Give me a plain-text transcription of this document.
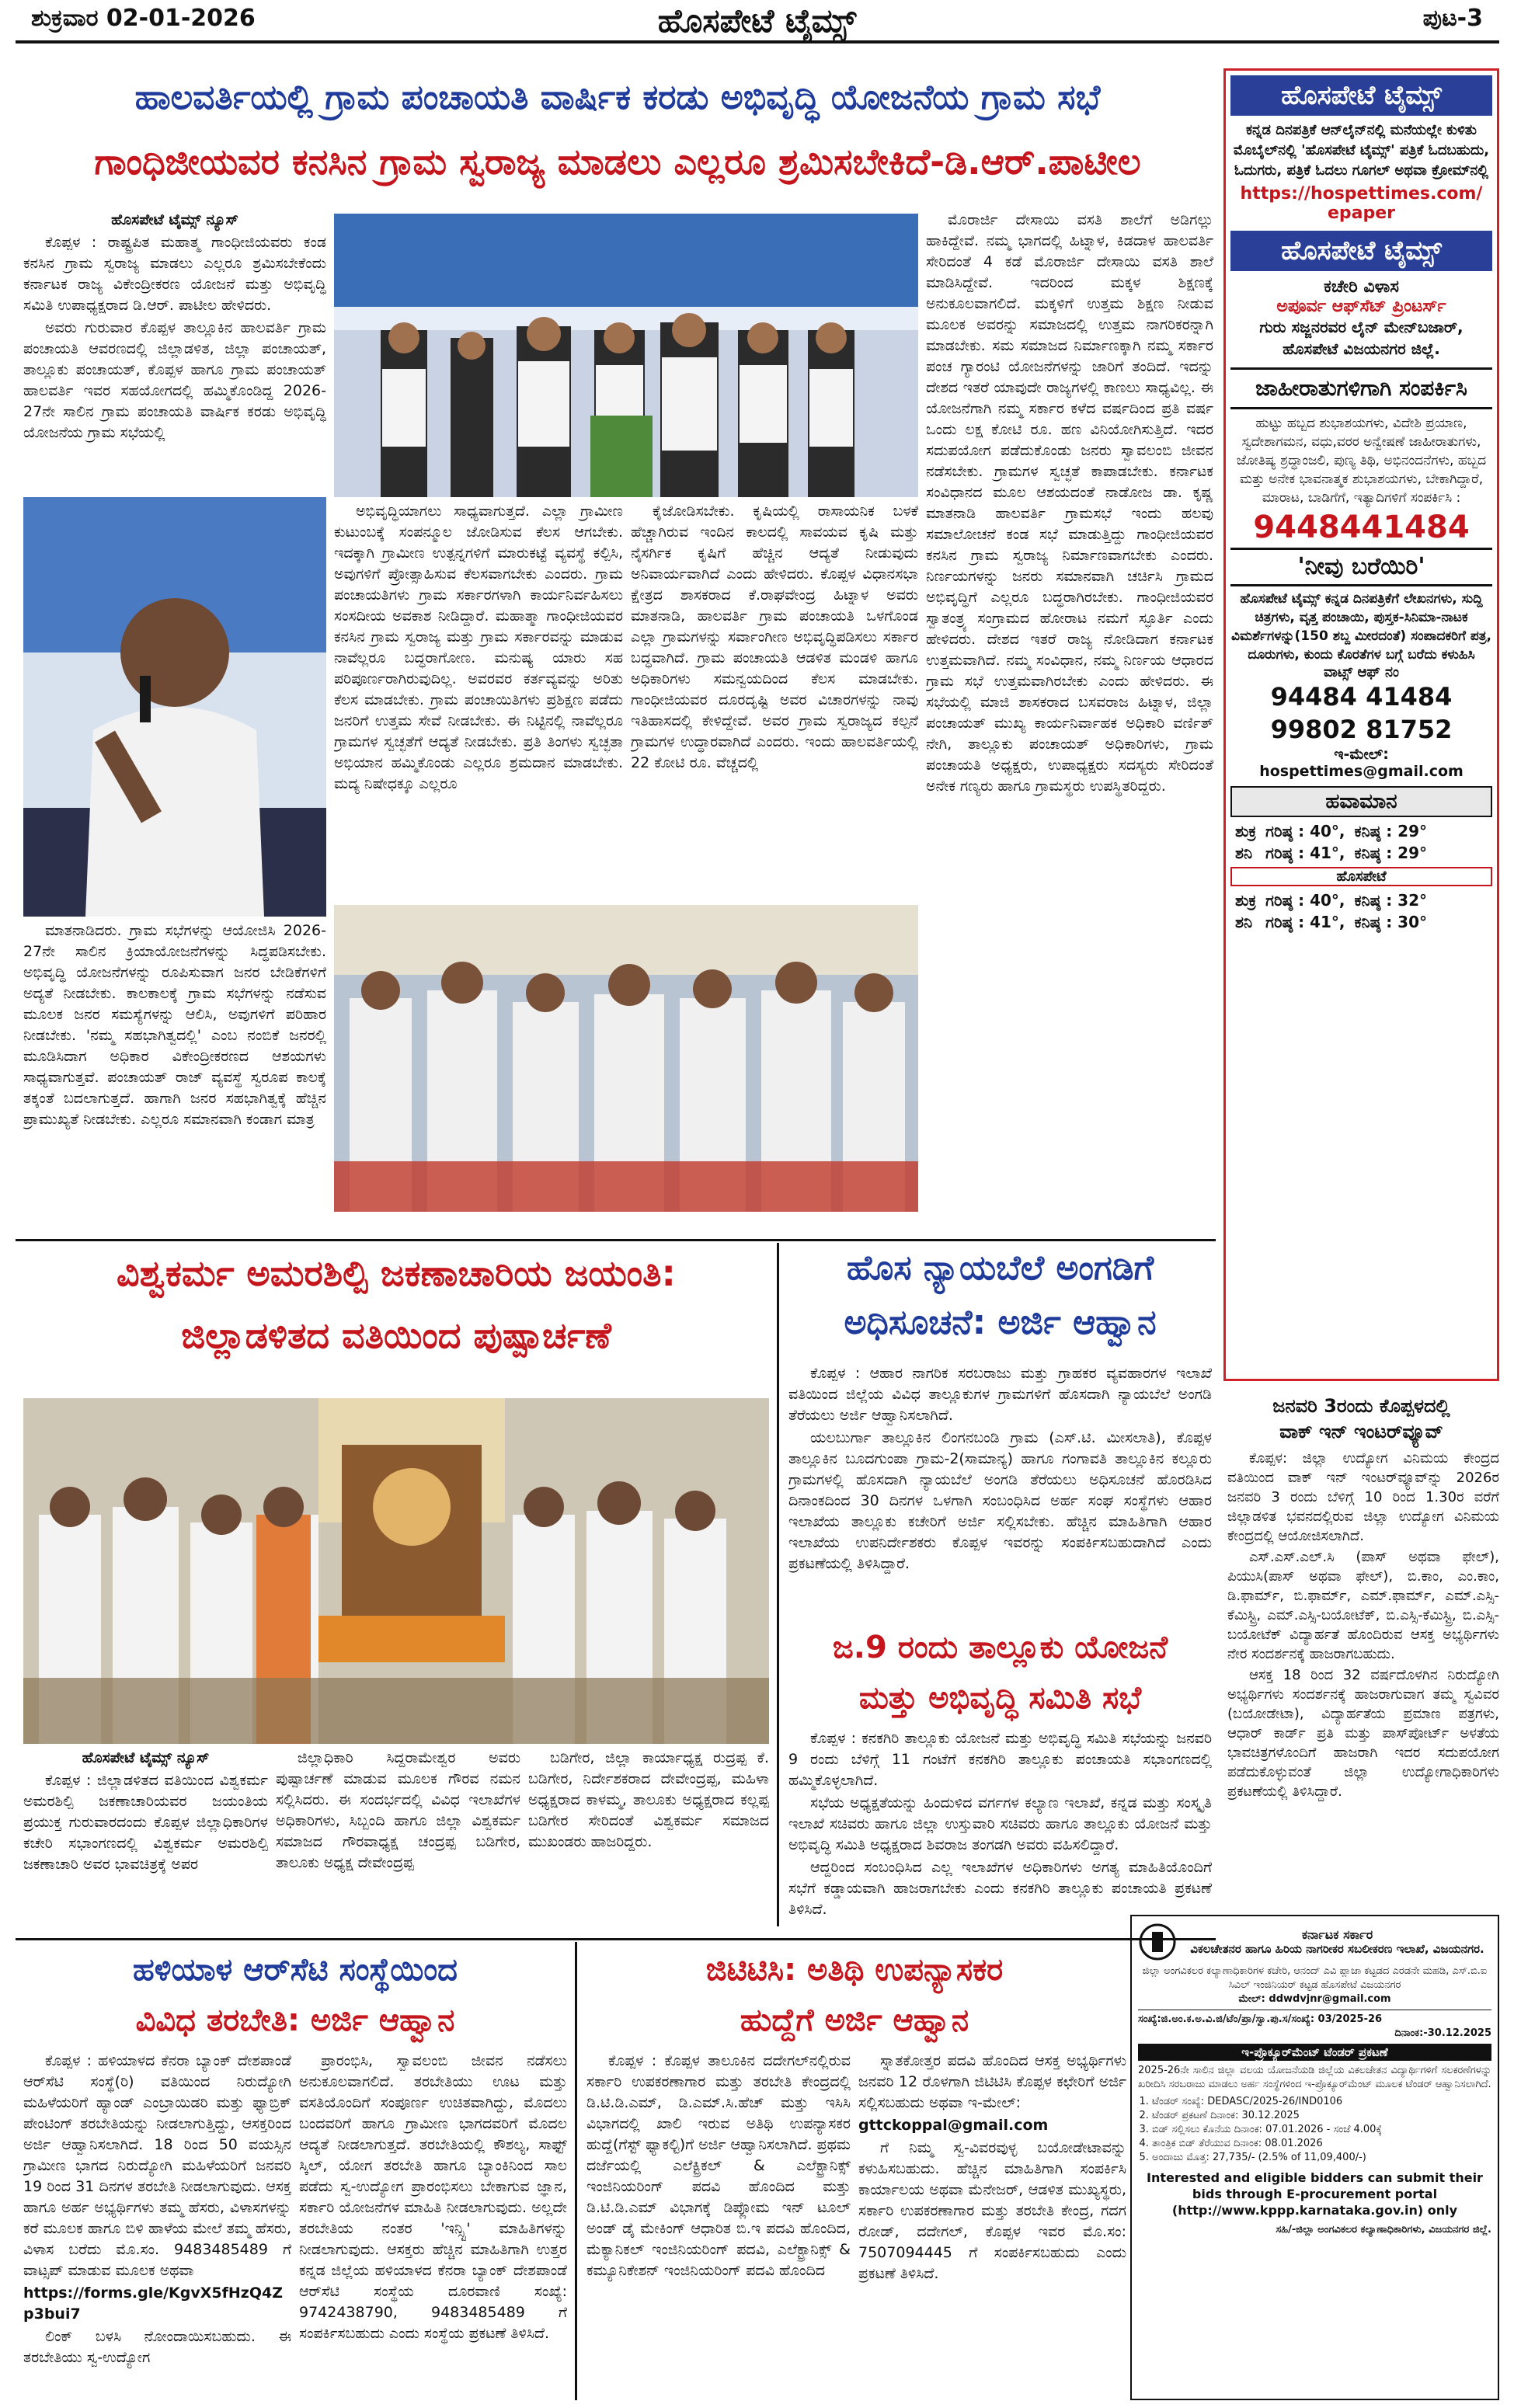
ಹೊಸಪೇಟೆ ಟೈಮ್ಸ್
ಶುಕ್ರವಾರ 02-01-2026	ಪುಟ-3
ಹಾಲವರ್ತಿಯಲ್ಲಿ ಗ್ರಾಮ ಪಂಚಾಯತಿ ವಾರ್ಷಿಕ ಕರಡು ಅಭಿವೃದ್ಧಿ ಯೋಜನೆಯ ಗ್ರಾಮ ಸಭೆ
ಗಾಂಧಿಜೀಯವರ ಕನಸಿನ ಗ್ರಾಮ ಸ್ವರಾಜ್ಯ ಮಾಡಲು ಎಲ್ಲರೂ ಶ್ರಮಿಸಬೇಕಿದೆ-ಡಿ.ಆರ್.ಪಾಟೀಲ

ಹೊಸಪೇಟೆ ಟೈಮ್ಸ್ ನ್ಯೂಸ್

ಕೊಪ್ಪಳ : ರಾಷ್ಟ್ರಪಿತ ಮಹಾತ್ಮ ಗಾಂಧೀಜಿಯವರು ಕಂಡ ಕನಸಿನ ಗ್ರಾಮ ಸ್ವರಾಜ್ಯ ಮಾಡಲು ಎಲ್ಲರೂ ಶ್ರಮಿಸಬೇಕೆಂದು ಕರ್ನಾಟಕ ರಾಜ್ಯ ವಿಕೇಂದ್ರೀಕರಣ ಯೋಜನೆ ಮತ್ತು ಅಭಿವೃದ್ಧಿ ಸಮಿತಿ ಉಪಾಧ್ಯಕ್ಷರಾದ ಡಿ.ಆರ್. ಪಾಟೀಲ ಹೇಳಿದರು.

ಅವರು ಗುರುವಾರ ಕೊಪ್ಪಳ ತಾಲ್ಲೂಕಿನ ಹಾಲವರ್ತಿ ಗ್ರಾಮ ಪಂಚಾಯತಿ ಆವರಣದಲ್ಲಿ ಜಿಲ್ಲಾಡಳಿತ, ಜಿಲ್ಲಾ ಪಂಚಾಯತ್, ತಾಲ್ಲೂಕು ಪಂಚಾಯತ್, ಕೊಪ್ಪಳ ಹಾಗೂ ಗ್ರಾಮ ಪಂಚಾಯತ್ ಹಾಲವರ್ತಿ ಇವರ ಸಹಯೋಗದಲ್ಲಿ ಹಮ್ಮಿಕೊಂಡಿದ್ದ 2026-27ನೇ ಸಾಲಿನ ಗ್ರಾಮ ಪಂಚಾಯತಿ ವಾರ್ಷಿಕ ಕರಡು ಅಭಿವೃದ್ಧಿ ಯೋಜನೆಯ ಗ್ರಾಮ ಸಭೆಯಲ್ಲಿ

ಮಾತನಾಡಿದರು. ಗ್ರಾಮ ಸಭೆಗಳನ್ನು ಆಯೋಜಿಸಿ 2026-27ನೇ ಸಾಲಿನ ಕ್ರಿಯಾಯೋಜನೆಗಳನ್ನು ಸಿದ್ಧಪಡಿಸಬೇಕು. ಅಭಿವೃದ್ಧಿ ಯೋಜನೆಗಳನ್ನು ರೂಪಿಸುವಾಗ ಜನರ ಬೇಡಿಕೆಗಳಿಗೆ ಅದ್ಯತೆ ನೀಡಬೇಕು. ಕಾಲಕಾಲಕ್ಕೆ ಗ್ರಾಮ ಸಭೆಗಳನ್ನು ನಡೆಸುವ ಮೂಲಕ ಜನರ ಸಮಸ್ಯೆಗಳನ್ನು ಆಲಿಸಿ, ಅವುಗಳಿಗೆ ಪರಿಹಾರ ನೀಡಬೇಕು. 'ನಮ್ಮ ಸಹಭಾಗಿತ್ವದಲ್ಲಿ' ಎಂಬ ನಂಬಿಕೆ ಜನರಲ್ಲಿ ಮೂಡಿಸಿದಾಗ ಅಧಿಕಾರ ವಿಕೇಂದ್ರೀಕರಣದ ಆಶಯಗಳು ಸಾಧ್ಯವಾಗುತ್ತವೆ. ಪಂಚಾಯತ್ ರಾಜ್ ವ್ಯವಸ್ಥೆ ಸ್ವರೂಪ ಕಾಲಕ್ಕೆ ತಕ್ಕಂತೆ ಬದಲಾಗುತ್ತದೆ. ಹಾಗಾಗಿ ಜನರ ಸಹಭಾಗಿತ್ವಕ್ಕೆ ಹೆಚ್ಚಿನ ಪ್ರಾಮುಖ್ಯತೆ ನೀಡಬೇಕು. ಎಲ್ಲರೂ ಸಮಾನವಾಗಿ ಕಂಡಾಗ ಮಾತ್ರ

ಅಭಿವೃದ್ಧಿಯಾಗಲು ಸಾಧ್ಯವಾಗುತ್ತದೆ. ಎಲ್ಲಾ ಗ್ರಾಮೀಣ ಕುಟುಂಬಕ್ಕೆ ಸಂಪನ್ಮೂಲ ಜೋಡಿಸುವ ಕೆಲಸ ಆಗಬೇಕು. ಇದಕ್ಕಾಗಿ ಗ್ರಾಮೀಣ ಉತ್ಪನ್ನಗಳಿಗೆ ಮಾರುಕಟ್ಟೆ ವ್ಯವಸ್ಥೆ ಕಲ್ಪಿಸಿ, ಅವುಗಳಿಗೆ ಪ್ರೋತ್ಸಾಹಿಸುವ ಕೆಲಸವಾಗಬೇಕು ಎಂದರು. ಗ್ರಾಮ ಪಂಚಾಯತಿಗಳು ಗ್ರಾಮ ಸರ್ಕಾರಗಳಾಗಿ ಕಾರ್ಯನಿರ್ವಹಿಸಲು ಸಂಸದೀಯ ಅವಕಾಶ ನೀಡಿದ್ದಾರೆ. ಮಹಾತ್ಮಾ ಗಾಂಧೀಜಿಯವರ ಕನಸಿನ ಗ್ರಾಮ ಸ್ವರಾಜ್ಯ ಮತ್ತು ಗ್ರಾಮ ಸರ್ಕಾರವನ್ನು ಮಾಡುವ ನಾವೆಲ್ಲರೂ ಬದ್ಧರಾಗೋಣ. ಮನುಷ್ಯ ಯಾರು ಸಹ ಪರಿಪೂರ್ಣರಾಗಿರುವುದಿಲ್ಲ. ಅವರವರ ಕರ್ತವ್ಯವನ್ನು ಅರಿತು ಕೆಲಸ ಮಾಡಬೇಕು. ಗ್ರಾಮ ಪಂಚಾಯಿತಿಗಳು ಪ್ರಶಿಕ್ಷಣ ಪಡೆದು ಜನರಿಗೆ ಉತ್ತಮ ಸೇವೆ ನೀಡಬೇಕು. ಈ ನಿಟ್ಟಿನಲ್ಲಿ ನಾವೆಲ್ಲರೂ ಗ್ರಾಮಗಳ ಸ್ವಚ್ಛತೆಗೆ ಆದ್ಯತೆ ನೀಡಬೇಕು. ಪ್ರತಿ ತಿಂಗಳು ಸ್ವಚ್ಛತಾ ಅಭಿಯಾನ ಹಮ್ಮಿಕೊಂಡು ಎಲ್ಲರೂ ಶ್ರಮದಾನ ಮಾಡಬೇಕು. ಮದ್ಯ ನಿಷೇಧಕ್ಕೂ ಎಲ್ಲರೂ

ಕೈಜೋಡಿಸಬೇಕು. ಕೃಷಿಯಲ್ಲಿ ರಾಸಾಯನಿಕ ಬಳಕೆ ಹೆಚ್ಚಾಗಿರುವ ಇಂದಿನ ಕಾಲದಲ್ಲಿ ಸಾವಯವ ಕೃಷಿ ಮತ್ತು ನೈಸರ್ಗಿಕ ಕೃಷಿಗೆ ಹೆಚ್ಚಿನ ಆದ್ಯತೆ ನೀಡುವುದು ಅನಿವಾರ್ಯವಾಗಿದೆ ಎಂದು ಹೇಳಿದರು. ಕೊಪ್ಪಳ ವಿಧಾನಸಭಾ ಕ್ಷೇತ್ರದ ಶಾಸಕರಾದ ಕೆ.ರಾಘವೇಂದ್ರ ಹಿಟ್ನಾಳ ಅವರು ಮಾತನಾಡಿ, ಹಾಲವರ್ತಿ ಗ್ರಾಮ ಪಂಚಾಯತಿ ಒಳಗೊಂಡ ಎಲ್ಲಾ ಗ್ರಾಮಗಳನ್ನು ಸರ್ವಾಂಗೀಣ ಅಭಿವೃದ್ಧಿಪಡಿಸಲು ಸರ್ಕಾರ ಬದ್ಧವಾಗಿದೆ. ಗ್ರಾಮ ಪಂಚಾಯತಿ ಆಡಳಿತ ಮಂಡಳಿ ಹಾಗೂ ಅಧಿಕಾರಿಗಳು ಸಮನ್ವಯದಿಂದ ಕೆಲಸ ಮಾಡಬೇಕು. ಗಾಂಧೀಜಿಯವರ ದೂರದೃಷ್ಟಿ ಅವರ ವಿಚಾರಗಳನ್ನು ನಾವು ಇತಿಹಾಸದಲ್ಲಿ ಕೇಳಿದ್ದೇವೆ. ಅವರ ಗ್ರಾಮ ಸ್ವರಾಜ್ಯದ ಕಲ್ಪನೆ ಗ್ರಾಮಗಳ ಉದ್ಧಾರವಾಗಿದೆ ಎಂದರು. ಇಂದು ಹಾಲವರ್ತಿಯಲ್ಲಿ 22 ಕೋಟಿ ರೂ. ವೆಚ್ಚದಲ್ಲಿ

ಮೊರಾರ್ಜಿ ದೇಸಾಯಿ ವಸತಿ ಶಾಲೆಗೆ ಅಡಿಗಲ್ಲು ಹಾಕಿದ್ದೇವೆ. ನಮ್ಮ ಭಾಗದಲ್ಲಿ ಹಿಟ್ನಾಳ, ಕಿಡದಾಳ ಹಾಲವರ್ತಿ ಸೇರಿದಂತೆ 4 ಕಡೆ ಮೊರಾರ್ಜಿ ದೇಸಾಯಿ ವಸತಿ ಶಾಲೆ ಮಾಡಿಸಿದ್ದೇವೆ. ಇದರಿಂದ ಮಕ್ಕಳ ಶಿಕ್ಷಣಕ್ಕೆ ಅನುಕೂಲವಾಗಲಿದೆ. ಮಕ್ಕಳಿಗೆ ಉತ್ತಮ ಶಿಕ್ಷಣ ನೀಡುವ ಮೂಲಕ ಅವರನ್ನು ಸಮಾಜದಲ್ಲಿ ಉತ್ತಮ ನಾಗರಿಕರನ್ನಾಗಿ ಮಾಡಬೇಕು. ಸಮ ಸಮಾಜದ ನಿರ್ಮಾಣಕ್ಕಾಗಿ ನಮ್ಮ ಸರ್ಕಾರ ಪಂಚ ಗ್ಯಾರಂಟಿ ಯೋಜನೆಗಳನ್ನು ಜಾರಿಗೆ ತಂದಿದೆ. ಇದನ್ನು ದೇಶದ ಇತರೆ ಯಾವುದೇ ರಾಜ್ಯಗಳಲ್ಲಿ ಕಾಣಲು ಸಾಧ್ಯವಿಲ್ಲ. ಈ ಯೋಜನೆಗಾಗಿ ನಮ್ಮ ಸರ್ಕಾರ ಕಳೆದ ವರ್ಷದಿಂದ ಪ್ರತಿ ವರ್ಷ ಒಂದು ಲಕ್ಷ ಕೋಟಿ ರೂ. ಹಣ ವಿನಿಯೋಗಿಸುತ್ತಿದೆ. ಇದರ ಸದುಪಯೋಗ ಪಡೆದುಕೊಂಡು ಜನರು ಸ್ವಾವಲಂಬಿ ಜೀವನ ನಡೆಸಬೇಕು. ಗ್ರಾಮಗಳ ಸ್ವಚ್ಛತೆ ಕಾಪಾಡಬೇಕು. ಕರ್ನಾಟಕ ಸಂವಿಧಾನದ ಮೂಲ ಆಶಯದಂತೆ ನಾಡೋಜ ಡಾ. ಕೃಷ್ಣ ಮಾತನಾಡಿ ಹಾಲವರ್ತಿ ಗ್ರಾಮಸಭೆ ಇಂದು ಹಲವು ಸಮಾಲೋಚನೆ ಕಂಡ ಸಭೆ ಮಾಡುತ್ತಿದ್ದು ಗಾಂಧೀಜಿಯವರ ಕನಸಿನ ಗ್ರಾಮ ಸ್ವರಾಜ್ಯ ನಿರ್ಮಾಣವಾಗಬೇಕು ಎಂದರು. ನಿರ್ಣಯಗಳನ್ನು ಜನರು ಸಮಾನವಾಗಿ ಚರ್ಚಿಸಿ ಗ್ರಾಮದ ಅಭಿವೃದ್ಧಿಗೆ ಎಲ್ಲರೂ ಬದ್ಧರಾಗಿರಬೇಕು. ಗಾಂಧೀಜಿಯವರ ಸ್ವಾತಂತ್ರ್ಯ ಸಂಗ್ರಾಮದ ಹೋರಾಟ ನಮಗೆ ಸ್ಫೂರ್ತಿ ಎಂದು ಹೇಳಿದರು. ದೇಶದ ಇತರೆ ರಾಜ್ಯ ನೋಡಿದಾಗ ಕರ್ನಾಟಕ ಉತ್ತಮವಾಗಿದೆ. ನಮ್ಮ ಸಂವಿಧಾನ, ನಮ್ಮ ನಿರ್ಣಯ ಆಧಾರದ ಗ್ರಾಮ ಸಭೆ ಉತ್ತಮವಾಗಿರಬೇಕು ಎಂದು ಹೇಳಿದರು. ಈ ಸಭೆಯಲ್ಲಿ ಮಾಜಿ ಶಾಸಕರಾದ ಬಸವರಾಜ ಹಿಟ್ನಾಳ, ಜಿಲ್ಲಾ ಪಂಚಾಯತ್ ಮುಖ್ಯ ಕಾರ್ಯನಿರ್ವಾಹಕ ಅಧಿಕಾರಿ ವರ್ಣಿತ್ ನೇಗಿ, ತಾಲ್ಲೂಕು ಪಂಚಾಯತ್ ಅಧಿಕಾರಿಗಳು, ಗ್ರಾಮ ಪಂಚಾಯತಿ ಅಧ್ಯಕ್ಷರು, ಉಪಾಧ್ಯಕ್ಷರು ಸದಸ್ಯರು ಸೇರಿದಂತೆ ಅನೇಕ ಗಣ್ಯರು ಹಾಗೂ ಗ್ರಾಮಸ್ಥರು ಉಪಸ್ಥಿತರಿದ್ದರು.

ವಿಶ್ವಕರ್ಮ ಅಮರಶಿಲ್ಪಿ ಜಕಣಾಚಾರಿಯ ಜಯಂತಿ:
ಜಿಲ್ಲಾಡಳಿತದ ವತಿಯಿಂದ ಪುಷ್ಪಾರ್ಚಣೆ

ಹೊಸಪೇಟೆ ಟೈಮ್ಸ್ ನ್ಯೂಸ್

ಕೊಪ್ಪಳ : ಜಿಲ್ಲಾಡಳಿತದ ವತಿಯಿಂದ ವಿಶ್ವಕರ್ಮ ಅಮರಶಿಲ್ಪಿ ಜಕಣಾಚಾರಿಯವರ ಜಯಂತಿಯ ಪ್ರಯುಕ್ತ ಗುರುವಾರದಂದು ಕೊಪ್ಪಳ ಜಿಲ್ಲಾಧಿಕಾರಿಗಳ ಕಚೇರಿ ಸಭಾಂಗಣದಲ್ಲಿ ವಿಶ್ವಕರ್ಮ ಅಮರಶಿಲ್ಪಿ ಜಕಣಾಚಾರಿ ಅವರ ಭಾವಚಿತ್ರಕ್ಕೆ ಅಪರ

ಜಿಲ್ಲಾಧಿಕಾರಿ ಸಿದ್ದರಾಮೇಶ್ವರ ಅವರು ಪುಷ್ಪಾರ್ಚಣೆ ಮಾಡುವ ಮೂಲಕ ಗೌರವ ನಮನ ಸಲ್ಲಿಸಿದರು. ಈ ಸಂದರ್ಭದಲ್ಲಿ ವಿವಿಧ ಇಲಾಖೆಗಳ ಅಧಿಕಾರಿಗಳು, ಸಿಬ್ಬಂದಿ ಹಾಗೂ ಜಿಲ್ಲಾ ವಿಶ್ವಕರ್ಮ ಸಮಾಜದ ಗೌರವಾಧ್ಯಕ್ಷ ಚಂದ್ರಪ್ಪ ಬಡಿಗೇರ, ತಾಲೂಕು ಅಧ್ಯಕ್ಷ ದೇವೇಂದ್ರಪ್ಪ

ಬಡಿಗೇರ, ಜಿಲ್ಲಾ ಕಾರ್ಯಾಧ್ಯಕ್ಷ ರುದ್ರಪ್ಪ ಕೆ. ಬಡಿಗೇರ, ನಿರ್ದೇಶಕರಾದ ದೇವೇಂದ್ರಪ್ಪ, ಮಹಿಳಾ ಅಧ್ಯಕ್ಷರಾದ ಕಾಳಮ್ಮ, ತಾಲೂಕು ಅಧ್ಯಕ್ಷರಾದ ಕಲ್ಲಪ್ಪ ಬಡಿಗೇರ ಸೇರಿದಂತೆ ವಿಶ್ವಕರ್ಮ ಸಮಾಜದ ಮುಖಂಡರು ಹಾಜರಿದ್ದರು.

ಹೊಸ ನ್ಯಾಯಬೆಲೆ ಅಂಗಡಿಗೆ
ಅಧಿಸೂಚನೆ: ಅರ್ಜಿ ಆಹ್ವಾನ

ಕೊಪ್ಪಳ : ಆಹಾರ ನಾಗರಿಕ ಸರಬರಾಜು ಮತ್ತು ಗ್ರಾಹಕರ ವ್ಯವಹಾರಗಳ ಇಲಾಖೆ ವತಿಯಿಂದ ಜಿಲ್ಲೆಯ ವಿವಿಧ ತಾಲ್ಲೂಕುಗಳ ಗ್ರಾಮಗಳಿಗೆ ಹೊಸದಾಗಿ ನ್ಯಾಯಬೆಲೆ ಅಂಗಡಿ ತೆರೆಯಲು ಅರ್ಜಿ ಆಹ್ವಾನಿಸಲಾಗಿದೆ.

ಯಲಬುರ್ಗಾ ತಾಲ್ಲೂಕಿನ ಲಿಂಗನಬಂಡಿ ಗ್ರಾಮ (ಎಸ್.ಟಿ. ಮೀಸಲಾತಿ), ಕೊಪ್ಪಳ ತಾಲ್ಲೂಕಿನ ಬೂದಗುಂಪಾ ಗ್ರಾಮ-2(ಸಾಮಾನ್ಯ) ಹಾಗೂ ಗಂಗಾವತಿ ತಾಲ್ಲೂಕಿನ ಕಲ್ಲೂರು ಗ್ರಾಮಗಳಲ್ಲಿ ಹೊಸದಾಗಿ ನ್ಯಾಯಬೆಲೆ ಅಂಗಡಿ ತೆರೆಯಲು ಅಧಿಸೂಚನೆ ಹೊರಡಿಸಿದ ದಿನಾಂಕದಿಂದ 30 ದಿನಗಳ ಒಳಗಾಗಿ ಸಂಬಂಧಿಸಿದ ಅರ್ಹ ಸಂಘ ಸಂಸ್ಥೆಗಳು ಆಹಾರ ಇಲಾಖೆಯ ತಾಲ್ಲೂಕು ಕಚೇರಿಗೆ ಅರ್ಜಿ ಸಲ್ಲಿಸಬೇಕು. ಹೆಚ್ಚಿನ ಮಾಹಿತಿಗಾಗಿ ಆಹಾರ ಇಲಾಖೆಯ ಉಪನಿರ್ದೇಶಕರು ಕೊಪ್ಪಳ ಇವರನ್ನು ಸಂಪರ್ಕಿಸಬಹುದಾಗಿದೆ ಎಂದು ಪ್ರಕಟಣೆಯಲ್ಲಿ ತಿಳಿಸಿದ್ದಾರೆ.

ಜ.9 ರಂದು ತಾಲ್ಲೂಕು ಯೋಜನೆ
ಮತ್ತು ಅಭಿವೃದ್ಧಿ ಸಮಿತಿ ಸಭೆ

ಕೊಪ್ಪಳ : ಕನಕಗಿರಿ ತಾಲ್ಲೂಕು ಯೋಜನೆ ಮತ್ತು ಅಭಿವೃದ್ಧಿ ಸಮಿತಿ ಸಭೆಯನ್ನು ಜನವರಿ 9 ರಂದು ಬೆಳಿಗ್ಗೆ 11 ಗಂಟೆಗೆ ಕನಕಗಿರಿ ತಾಲ್ಲೂಕು ಪಂಚಾಯತಿ ಸಭಾಂಗಣದಲ್ಲಿ ಹಮ್ಮಿಕೊಳ್ಳಲಾಗಿದೆ.

ಸಭೆಯ ಅಧ್ಯಕ್ಷತೆಯನ್ನು ಹಿಂದುಳಿದ ವರ್ಗಗಳ ಕಲ್ಯಾಣ ಇಲಾಖೆ, ಕನ್ನಡ ಮತ್ತು ಸಂಸ್ಕೃತಿ ಇಲಾಖೆ ಸಚಿವರು ಹಾಗೂ ಜಿಲ್ಲಾ ಉಸ್ತುವಾರಿ ಸಚಿವರು ಹಾಗೂ ತಾಲ್ಲೂಕು ಯೋಜನೆ ಮತ್ತು ಅಭಿವೃದ್ಧಿ ಸಮಿತಿ ಅಧ್ಯಕ್ಷರಾದ ಶಿವರಾಜ ತಂಗಡಗಿ ಅವರು ವಹಿಸಲಿದ್ದಾರೆ.

ಆದ್ದರಿಂದ ಸಂಬಂಧಿಸಿದ ಎಲ್ಲ ಇಲಾಖೆಗಳ ಅಧಿಕಾರಿಗಳು ಅಗತ್ಯ ಮಾಹಿತಿಯೊಂದಿಗೆ ಸಭೆಗೆ ಕಡ್ಡಾಯವಾಗಿ ಹಾಜರಾಗಬೇಕು ಎಂದು ಕನಕಗಿರಿ ತಾಲ್ಲೂಕು ಪಂಚಾಯತಿ ಪ್ರಕಟಣೆ ತಿಳಿಸಿದೆ.

ಹಳಿಯಾಳ ಆರ್‌ಸೆಟಿ ಸಂಸ್ಥೆಯಿಂದ
ವಿವಿಧ ತರಬೇತಿ: ಅರ್ಜಿ ಆಹ್ವಾನ

ಕೊಪ್ಪಳ : ಹಳಿಯಾಳದ ಕೆನರಾ ಬ್ಯಾಂಕ್ ದೇಶಪಾಂಡೆ ಆರ್‌ಸೆಟಿ ಸಂಸ್ಥೆ(ರಿ) ವತಿಯಿಂದ ನಿರುದ್ಯೋಗಿ ಮಹಿಳೆಯರಿಗೆ ಹ್ಯಾಂಡ್ ಎಂಬ್ರಾಯಿಡರಿ ಮತ್ತು ಫ್ಯಾಬ್ರಿಕ್ ಪೇಂಟಿಂಗ್ ತರಬೇತಿಯನ್ನು ನೀಡಲಾಗುತ್ತಿದ್ದು, ಆಸಕ್ತರಿಂದ ಅರ್ಜಿ ಆಹ್ವಾನಿಸಲಾಗಿದೆ. 18 ರಿಂದ 50 ವಯಸ್ಸಿನ ಗ್ರಾಮೀಣ ಭಾಗದ ನಿರುದ್ಯೋಗಿ ಮಹಿಳೆಯರಿಗೆ ಜನವರಿ 19 ರಿಂದ 31 ದಿನಗಳ ತರಬೇತಿ ನೀಡಲಾಗುವುದು. ಆಸಕ್ತ ಹಾಗೂ ಅರ್ಹ ಅಭ್ಯರ್ಥಿಗಳು ತಮ್ಮ ಹೆಸರು, ವಿಳಾಸಗಳನ್ನು ಕರೆ ಮೂಲಕ ಹಾಗೂ ಬಿಳಿ ಹಾಳೆಯ ಮೇಲೆ ತಮ್ಮ ಹೆಸರು, ವಿಳಾಸ ಬರೆದು ಮೊ.ಸಂ. 9483485489 ಗೆ ವಾಟ್ಸಪ್ ಮಾಡುವ ಮೂಲಕ ಅಥವಾ

https://forms.gle/KgvX5fHzQ4Zp3bui7

ಲಿಂಕ್ ಬಳಸಿ ನೋಂದಾಯಿಸಬಹುದು. ಈ ತರಬೇತಿಯು ಸ್ವ-ಉದ್ಯೋಗ

ಪ್ರಾರಂಭಿಸಿ, ಸ್ವಾವಲಂಬಿ ಜೀವನ ನಡೆಸಲು ಅನುಕೂಲವಾಗಲಿದೆ. ತರಬೇತಿಯು ಊಟ ಮತ್ತು ವಸತಿಯೊಂದಿಗೆ ಸಂಪೂರ್ಣ ಉಚಿತವಾಗಿದ್ದು, ಮೊದಲು ಬಂದವರಿಗೆ ಹಾಗೂ ಗ್ರಾಮೀಣ ಭಾಗದವರಿಗೆ ಮೊದಲ ಆದ್ಯತೆ ನೀಡಲಾಗುತ್ತದೆ. ತರಬೇತಿಯಲ್ಲಿ ಕೌಶಲ್ಯ, ಸಾಫ್ಟ್ ಸ್ಕಿಲ್, ಯೋಗ ತರಬೇತಿ ಹಾಗೂ ಬ್ಯಾಂಕಿನಿಂದ ಸಾಲ ಪಡೆದು ಸ್ವ-ಉದ್ಯೋಗ ಪ್ರಾರಂಭಿಸಲು ಬೇಕಾಗುವ ಜ್ಞಾನ, ಸರ್ಕಾರಿ ಯೋಜನೆಗಳ ಮಾಹಿತಿ ನೀಡಲಾಗುವುದು. ಅಲ್ಲದೇ ತರಬೇತಿಯ ನಂತರ 'ಇನ್ಸ್ಟಿ' ಮಾಹಿತಿಗಳನ್ನು ನೀಡಲಾಗುವುದು. ಆಸಕ್ತರು ಹೆಚ್ಚಿನ ಮಾಹಿತಿಗಾಗಿ ಉತ್ತರ ಕನ್ನಡ ಜಿಲ್ಲೆಯ ಹಳಿಯಾಳದ ಕೆನರಾ ಬ್ಯಾಂಕ್ ದೇಶಪಾಂಡೆ ಆರ್‌ಸೆಟಿ ಸಂಸ್ಥೆಯ ದೂರವಾಣಿ ಸಂಖ್ಯೆ: 9742438790, 9483485489 ಗೆ ಸಂಪರ್ಕಿಸಬಹುದು ಎಂದು ಸಂಸ್ಥೆಯ ಪ್ರಕಟಣೆ ತಿಳಿಸಿದೆ.

ಜಿಟಿಟಿಸಿ: ಅತಿಥಿ ಉಪನ್ಯಾಸಕರ
ಹುದ್ದೆಗೆ ಅರ್ಜಿ ಆಹ್ವಾನ

ಕೊಪ್ಪಳ : ಕೊಪ್ಪಳ ತಾಲೂಕಿನ ದದೇಗಲ್‌ನಲ್ಲಿರುವ ಸರ್ಕಾರಿ ಉಪಕರಣಾಗಾರ ಮತ್ತು ತರಬೇತಿ ಕೇಂದ್ರದಲ್ಲಿ ಡಿ.ಟಿ.ಡಿ.ಎಮ್, ಡಿ.ಎಮ್.ಸಿ.ಹೆಚ್ ಮತ್ತು ಇಸಿಸಿ ವಿಭಾಗದಲ್ಲಿ ಖಾಲಿ ಇರುವ ಅತಿಥಿ ಉಪನ್ಯಾಸಕರ ಹುದ್ದೆ(ಗೆಸ್ಟ್ ಫ್ಯಾಕಲ್ಟಿ)ಗೆ ಅರ್ಜಿ ಆಹ್ವಾನಿಸಲಾಗಿದೆ. ಪ್ರಥಮ ದರ್ಜೆಯಲ್ಲಿ ಎಲೆಕ್ಟ್ರಿಕಲ್ & ಎಲೆಕ್ಟ್ರಾನಿಕ್ಸ್ ಇಂಜಿನಿಯರಿಂಗ್ ಪದವಿ ಹೊಂದಿದ ಮತ್ತು ಡಿ.ಟಿ.ಡಿ.ಎಮ್ ವಿಭಾಗಕ್ಕೆ ಡಿಪ್ಲೋಮ ಇನ್ ಟೂಲ್ ಅಂಡ್ ಡೈ ಮೇಕಿಂಗ್ ಆಧಾರಿತ ಬಿ.ಇ ಪದವಿ ಹೊಂದಿದ, ಮೆಕ್ಯಾನಿಕಲ್ ಇಂಜಿನಿಯರಿಂಗ್ ಪದವಿ, ಎಲೆಕ್ಟ್ರಾನಿಕ್ಸ್ & ಕಮ್ಯೂನಿಕೇಶನ್ ಇಂಜಿನಿಯರಿಂಗ್ ಪದವಿ ಹೊಂದಿದ

ಸ್ನಾತಕೋತ್ತರ ಪದವಿ ಹೊಂದಿದ ಆಸಕ್ತ ಅಭ್ಯರ್ಥಿಗಳು ಜನವರಿ 12 ರೊಳಗಾಗಿ ಜಿಟಿಟಿಸಿ ಕೊಪ್ಪಳ ಕಛೇರಿಗೆ ಅರ್ಜಿ ಸಲ್ಲಿಸಬಹುದು ಅಥವಾ ಇ-ಮೇಲ್:

gttckoppal@gmail.com

ಗೆ ನಿಮ್ಮ ಸ್ವ-ವಿವರವುಳ್ಳ ಬಯೋಡೇಟಾವನ್ನು ಕಳುಹಿಸಬಹುದು. ಹೆಚ್ಚಿನ ಮಾಹಿತಿಗಾಗಿ ಸಂಪರ್ಕಿಸಿ ಕಾರ್ಯಾಲಯ ಅಥವಾ ಮೆನೇಜರ್, ಆಡಳಿತ ಮುಖ್ಯಸ್ಥರು, ಸರ್ಕಾರಿ ಉಪಕರಣಾಗಾರ ಮತ್ತು ತರಬೇತಿ ಕೇಂದ್ರ, ಗದಗ ರೋಡ್, ದದೇಗಲ್, ಕೊಪ್ಪಳ ಇವರ ಮೊ.ಸಂ: 7507094445 ಗೆ ಸಂಪರ್ಕಿಸಬಹುದು ಎಂದು ಪ್ರಕಟಣೆ ತಿಳಿಸಿದೆ.

ಕರ್ನಾಟಕ ಸರ್ಕಾರ
ವಿಕಲಚೇತನರ ಹಾಗೂ ಹಿರಿಯ ನಾಗರೀಕರ ಸಬಲೀಕರಣ ಇಲಾಖೆ, ವಿಜಯನಗರ.
ಜಿಲ್ಲಾ ಅಂಗವಿಕಲರ ಕಲ್ಯಾಣಾಧಿಕಾರಿಗಳ ಕಚೇರಿ, ಆನಂದ್ ಎವಿ ಪ್ಲಾಜಾ ಕಟ್ಟಡದ ಎರಡನೇ ಮಹಡಿ, ಎಸ್.ಬಿ.ಐ ಸಿವಿಲ್ ಇಂಜಿನಿಯರ್ ಕಟ್ಟಡ ಹೊಸಪೇಟೆ ವಿಜಯನಗರ
ಮೇಲ್: ddwdvjnr@gmail.com
ಸಂಖ್ಯೆ:ಜಿ.ಅಂ.ಕ.ಅ.ವಿ.ಜಿ/ಟೆಂ/ಪ್ರಾ/ಸ್ವಾ.ಪು.ಸ/ಸಂಖ್ಯೆ: 03/2025-26
ದಿನಾಂಕ:-30.12.2025
ಇ-ಪ್ರೊಕ್ಯೂರ್‌ಮೆಂಟ್ ಟೆಂಡರ್ ಪ್ರಕಟಣೆ
2025-26ನೇ ಸಾಲಿನ ಜಿಲ್ಲಾ ವಲಯ ಯೋಜನೆಯಡಿ ಜಿಲ್ಲೆಯ ವಿಕಲಚೇತನ ವಿದ್ಯಾರ್ಥಿಗಳಿಗೆ ಸಲಕರಣೆಗಳನ್ನು ಖರೀದಿಸಿ ಸರಬರಾಜು ಮಾಡಲು ಅರ್ಹ ಸಂಸ್ಥೆಗಳಿಂದ ಇ-ಪ್ರೊಕ್ಯೂರ್‌ಮೆಂಟ್ ಮೂಲಕ ಟೆಂಡರ್ ಆಹ್ವಾನಿಸಲಾಗಿದೆ.
1. ಟೆಂಡರ್ ಸಂಖ್ಯೆ: DEDASC/2025-26/IND0106
2. ಟೆಂಡರ್ ಪ್ರಕಟಣೆ ದಿನಾಂಕ: 30.12.2025
3. ಬಿಡ್ ಸಲ್ಲಿಸಲು ಕೊನೆಯ ದಿನಾಂಕ: 07.01.2026 - ಸಂಜೆ 4.00ಕ್ಕೆ
4. ತಾಂತ್ರಿಕ ಬಿಡ್ ತೆರೆಯುವ ದಿನಾಂಕ: 08.01.2026
5. ಅಂದಾಜು ಮೊತ್ತ: 27,735/- (2.5% of 11,09,400/-)
Interested and eligible bidders can submit their bids through E-procurement portal (http://www.kppp.karnataka.gov.in) only
ಸಹಿ/-ಜಿಲ್ಲಾ ಅಂಗವಿಕಲರ ಕಲ್ಯಾಣಾಧಿಕಾರಿಗಳು, ವಿಜಯನಗರ ಜಿಲ್ಲೆ.
ಜನವರಿ 3ರಂದು ಕೊಪ್ಪಳದಲ್ಲಿ
ವಾಕ್ ಇನ್ ಇಂಟರ್‌ವ್ಯೂವ್

ಕೊಪ್ಪಳ: ಜಿಲ್ಲಾ ಉದ್ಯೋಗ ವಿನಿಮಯ ಕೇಂದ್ರದ ವತಿಯಿಂದ ವಾಕ್ ಇನ್ ಇಂಟರ್‌ವ್ಯೂವ್‌ನ್ನು 2026ರ ಜನವರಿ 3 ರಂದು ಬೆಳಿಗ್ಗೆ 10 ರಿಂದ 1.30ರ ವರೆಗೆ ಜಿಲ್ಲಾಡಳಿತ ಭವನದಲ್ಲಿರುವ ಜಿಲ್ಲಾ ಉದ್ಯೋಗ ವಿನಿಮಯ ಕೇಂದ್ರದಲ್ಲಿ ಆಯೋಜಿಸಲಾಗಿದೆ.

ಎಸ್.ಎಸ್.ಎಲ್.ಸಿ (ಪಾಸ್ ಅಥವಾ ಫೇಲ್), ಪಿಯುಸಿ(ಪಾಸ್ ಅಥವಾ ಫೇಲ್), ಬಿ.ಕಾಂ, ಎಂ.ಕಾಂ, ಡಿ.ಫಾರ್ಮ್, ಬಿ.ಫಾರ್ಮ್, ಎಮ್.ಫಾರ್ಮ್, ಎಮ್.ಎಸ್ಸಿ-ಕೆಮಿಸ್ಟ್ರಿ, ಎಮ್.ಎಸ್ಸಿ-ಬಯೋಟೆಕ್, ಬಿ.ಎಸ್ಸಿ-ಕೆಮಿಸ್ಟ್ರಿ, ಬಿ.ಎಸ್ಸಿ-ಬಯೋಟೆಕ್ ವಿದ್ಯಾರ್ಹತೆ ಹೊಂದಿರುವ ಆಸಕ್ತ ಅಭ್ಯರ್ಥಿಗಳು ನೇರ ಸಂದರ್ಶನಕ್ಕೆ ಹಾಜರಾಗಬಹುದು.

ಆಸಕ್ತ 18 ರಿಂದ 32 ವರ್ಷದೊಳಗಿನ ನಿರುದ್ಯೋಗಿ ಅಭ್ಯರ್ಥಿಗಳು ಸಂದರ್ಶನಕ್ಕೆ ಹಾಜರಾಗುವಾಗ ತಮ್ಮ ಸ್ವವಿವರ (ಬಯೋಡೇಟಾ), ವಿದ್ಯಾರ್ಹತೆಯ ಪ್ರಮಾಣ ಪತ್ರಗಳು, ಆಧಾರ್ ಕಾರ್ಡ್ ಪ್ರತಿ ಮತ್ತು ಪಾಸ್‌ಪೋರ್ಟ್ ಅಳತೆಯ ಭಾವಚಿತ್ರಗಳೊಂದಿಗೆ ಹಾಜರಾಗಿ ಇದರ ಸದುಪಯೋಗ ಪಡೆದುಕೊಳ್ಳುವಂತೆ ಜಿಲ್ಲಾ ಉದ್ಯೋಗಾಧಿಕಾರಿಗಳು ಪ್ರಕಟಣೆಯಲ್ಲಿ ತಿಳಿಸಿದ್ದಾರೆ.

ಹೊಸಪೇಟೆ ಟೈಮ್ಸ್
ಕನ್ನಡ ದಿನಪತ್ರಿಕೆ ಆನ್‌ಲೈನ್‌ನಲ್ಲಿ ಮನೆಯಲ್ಲೇ ಕುಳಿತು ಮೊಬೈಲ್‌ನಲ್ಲಿ 'ಹೊಸಪೇಟೆ ಟೈಮ್ಸ್' ಪತ್ರಿಕೆ ಓದಬಹುದು, ಓದುಗರು, ಪತ್ರಿಕೆ ಓದಲು ಗೂಗಲ್ ಅಥವಾ ಕ್ರೋಮ್‌ನಲ್ಲಿ
https://hospettimes.com/
epaper
ಹೊಸಪೇಟೆ ಟೈಮ್ಸ್
ಕಚೇರಿ ವಿಳಾಸ
ಅಪೂರ್ವ ಆಫ್‌ಸೆಟ್ ಪ್ರಿಂಟರ್ಸ್
ಗುರು ಸಜ್ಜನರವರ ಲೈನ್ ಮೇನ್‌ಬಜಾರ್, ಹೊಸಪೇಟೆ ವಿಜಯನಗರ ಜಿಲ್ಲೆ.
ಜಾಹೀರಾತುಗಳಿಗಾಗಿ ಸಂಪರ್ಕಿಸಿ
ಹುಟ್ಟು ಹಬ್ಬದ ಶುಭಾಶಯಗಳು, ವಿದೇಶಿ ಪ್ರಯಾಣ, ಸ್ವದೇಶಾಗಮನ, ವಧು,ವರರ ಅನ್ವೇಷಣೆ ಜಾಹೀರಾತುಗಳು, ಜೋತಿಷ್ಯ ಶ್ರದ್ಧಾಂಜಲಿ, ಪುಣ್ಯ ತಿಥಿ, ಅಭಿನಂದನೆಗಳು, ಹಬ್ಬದ ಮತ್ತು ಅನೇಕ ಭಾವನಾತ್ಮಕ ಶುಭಾಶಯಗಳು, ಬೇಕಾಗಿದ್ದಾರೆ, ಮಾರಾಟ, ಬಾಡಿಗೆಗೆ, ಇತ್ಯಾದಿಗಳಿಗೆ ಸಂಪರ್ಕಿಸಿ :
9448441484
'ನೀವು ಬರೆಯಿರಿ'
ಹೊಸಪೇಟೆ ಟೈಮ್ಸ್ ಕನ್ನಡ ದಿನಪತ್ರಿಕೆಗೆ ಲೇಖನಗಳು, ಸುದ್ದಿ ಚಿತ್ರಗಳು, ವೃತ್ತ ಪಂಚಾಯಿ, ಪುಸ್ತಕ-ಸಿನಿಮಾ-ನಾಟಕ ವಿಮರ್ಶೆಗಳನ್ನು(150 ಶಬ್ದ ಮೀರದಂತೆ) ಸಂಪಾದಕರಿಗೆ ಪತ್ರ, ದೂರುಗಳು, ಕುಂದು ಕೊರತೆಗಳ ಬಗ್ಗೆ ಬರೆದು ಕಳುಹಿಸಿ
ವಾಟ್ಸ್ ಆಫ್ ನಂ
94484 41484
99802 81752
ಇ-ಮೇಲ್: hospettimes@gmail.com
ಹವಾಮಾನ
ಶುಕ್ರ	ಗರಿಷ್ಠ : 40°,	ಕನಿಷ್ಠ : 29°
ಶನಿ	ಗರಿಷ್ಠ : 41°,	ಕನಿಷ್ಠ : 29°
ಹೊಸಪೇಟೆ
ಶುಕ್ರ	ಗರಿಷ್ಠ : 40°,	ಕನಿಷ್ಠ : 32°
ಶನಿ	ಗರಿಷ್ಠ : 41°,	ಕನಿಷ್ಠ : 30°
